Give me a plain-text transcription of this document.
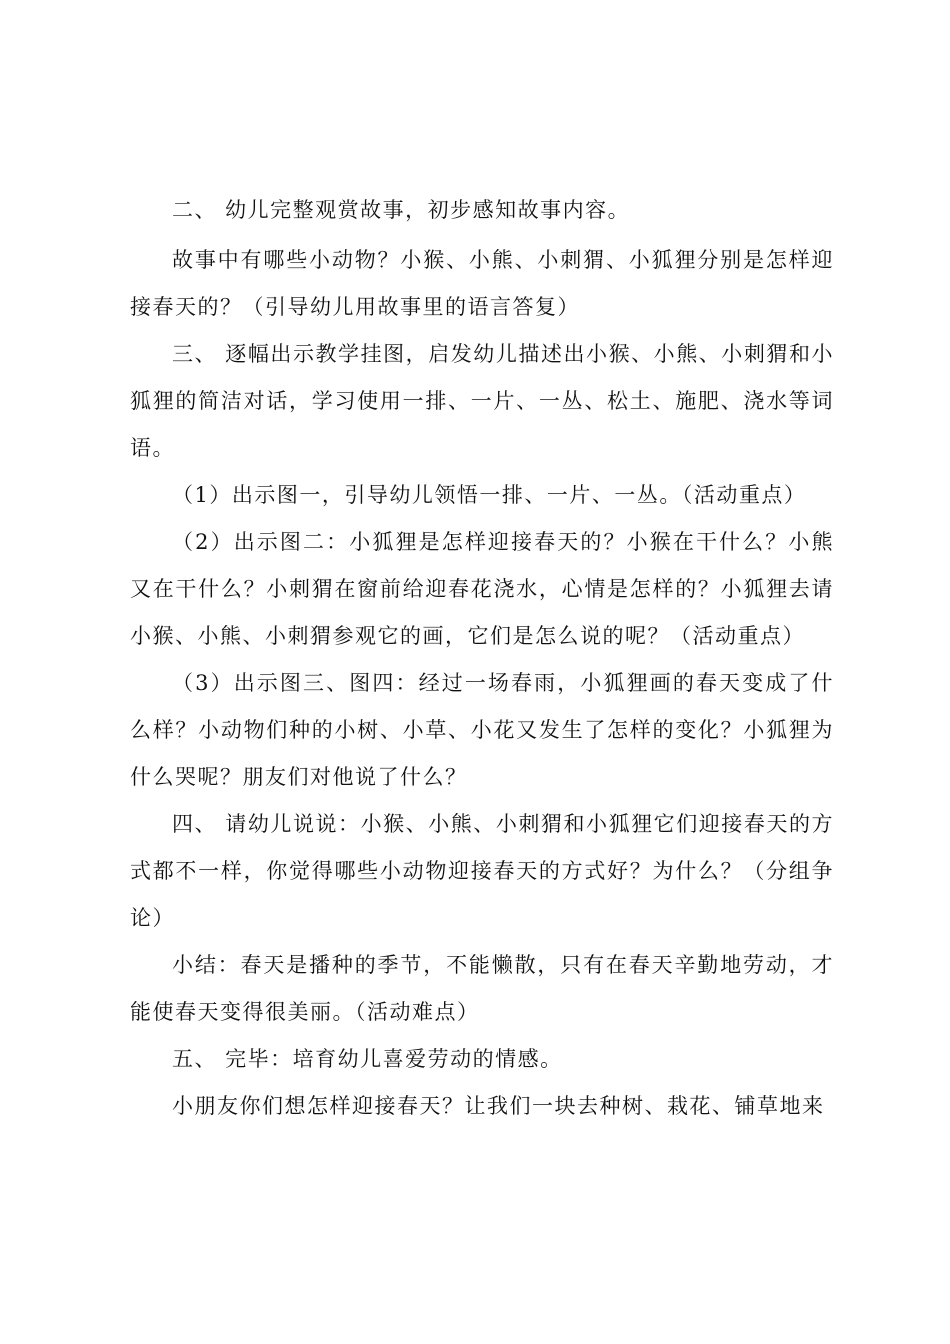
二、 幼儿完整观赏故事，初步感知故事内容。

故事中有哪些小动物？小猴、小熊、小刺猬、小狐狸分别是怎样迎接春天的？（引导幼儿用故事里的语言答复）

三、 逐幅出示教学挂图，启发幼儿描述出小猴、小熊、小刺猬和小狐狸的简洁对话，学习使用一排、一片、一丛、松土、施肥、浇水等词语。

（1）出示图一，引导幼儿领悟一排、一片、一丛。（活动重点）

（2）出示图二：小狐狸是怎样迎接春天的？小猴在干什么？小熊又在干什么？小刺猬在窗前给迎春花浇水，心情是怎样的？小狐狸去请小猴、小熊、小刺猬参观它的画，它们是怎么说的呢？（活动重点）

（3）出示图三、图四：经过一场春雨，小狐狸画的春天变成了什么样？小动物们种的小树、小草、小花又发生了怎样的变化？小狐狸为什么哭呢？朋友们对他说了什么？

四、 请幼儿说说：小猴、小熊、小刺猬和小狐狸它们迎接春天的方式都不一样，你觉得哪些小动物迎接春天的方式好？为什么？（分组争论）

小结：春天是播种的季节，不能懒散，只有在春天辛勤地劳动，才能使春天变得很美丽。（活动难点）

五、 完毕：培育幼儿喜爱劳动的情感。

小朋友你们想怎样迎接春天？让我们一块去种树、栽花、铺草地来
